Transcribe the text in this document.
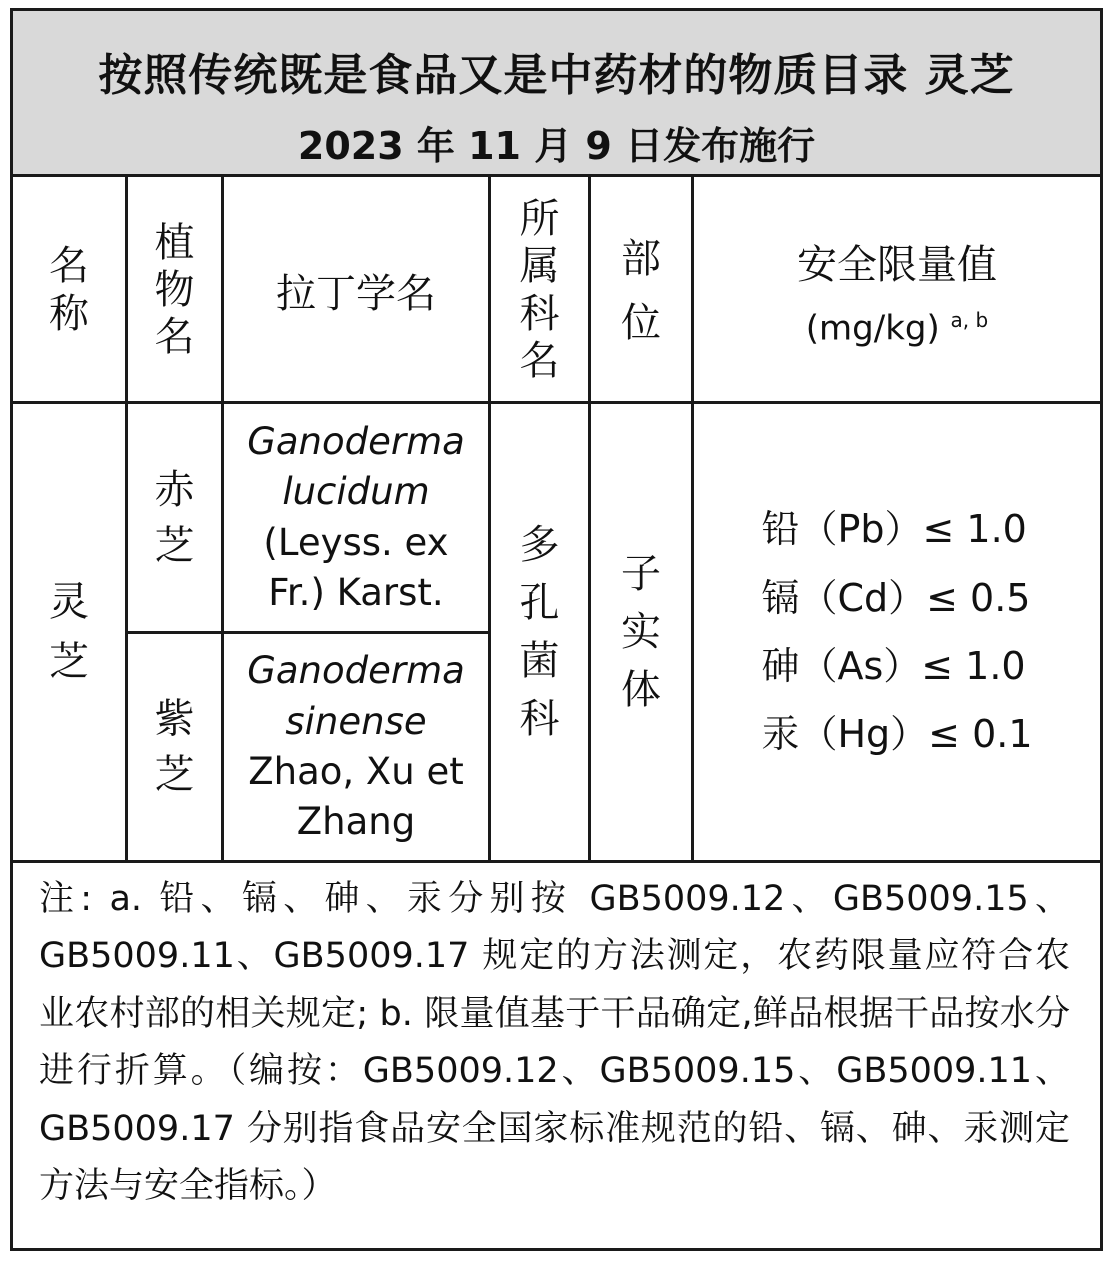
按照传统既是食品又是中药材的物质目录 灵芝
2023 年 11 月 9 日发布施行
名
称
植
物
名
拉丁学名
所
属
科
名
部
位
安全限量值
(mg/kg) $^{a, b}$
灵
芝
赤
芝
紫
芝
Ganoderma
lucidum
(Leyss. ex
Fr.) Karst.
Ganoderma
sinense
Zhao, Xu et
Zhang
多
孔
菌
科
子
实
体
铅（Pb）≤ 1.0
镉（Cd）≤ 0.5
砷（As）≤ 1.0
汞（Hg）≤ 0.1
注: a. 铅、镉、砷、汞分别按 GB5009.12、GB5009.15、GB5009.11、GB5009.17 规定的方法测定，农药限量应符合农业农村部的相关规定; b. 限量值基于干品确定,鲜品根据干品按水分进行折算。（编按：GB5009.12、GB5009.15、GB5009.11、GB5009.17 分别指食品安全国家标准规范的铅、镉、砷、汞测定方法与安全指标。）
